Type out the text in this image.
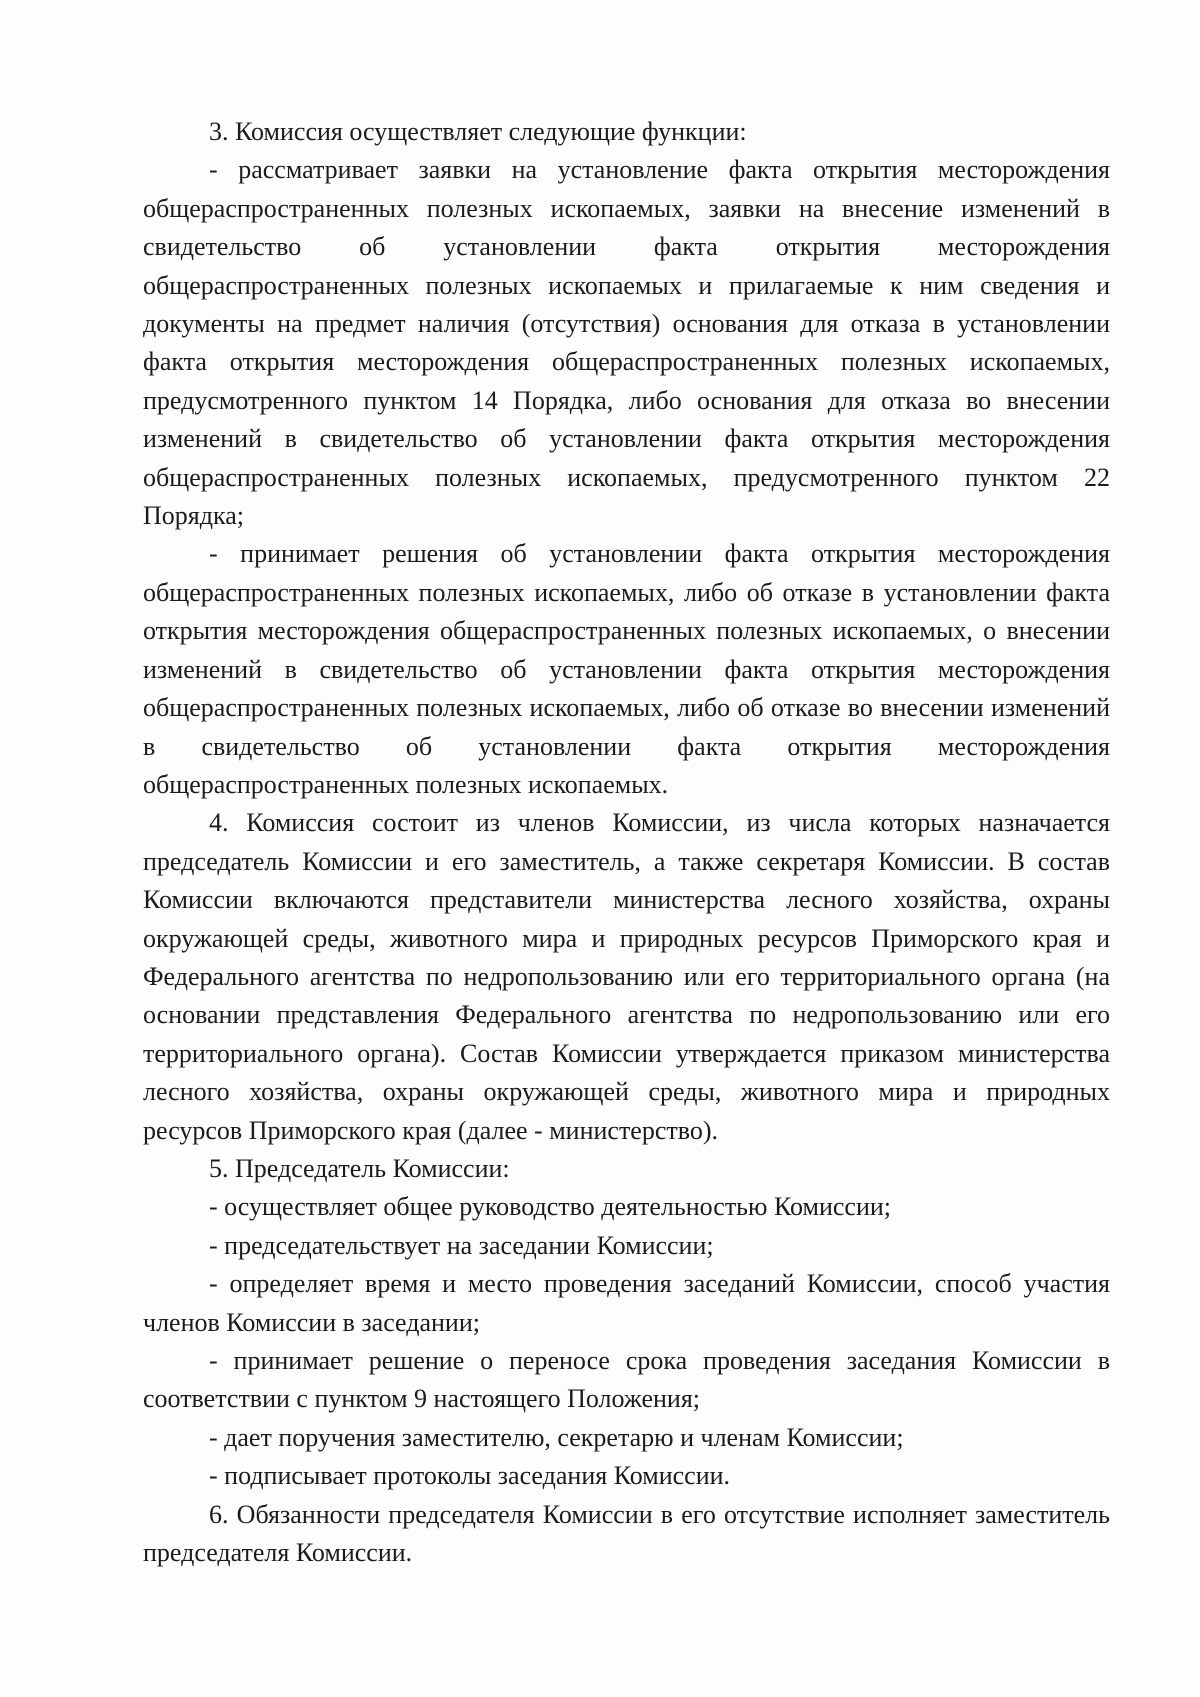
3. Комиссия осуществляет следующие функции:

- рассматривает заявки на установление факта открытия месторождения общераспространенных полезных ископаемых, заявки на внесение изменений в свидетельство об установлении факта открытия месторождения общераспространенных полезных ископаемых и прилагаемые к ним сведения и документы на предмет наличия (отсутствия) основания для отказа в установлении факта открытия месторождения общераспространенных полезных ископаемых, предусмотренного пунктом 14 Порядка, либо основания для отказа во внесении изменений в свидетельство об установлении факта открытия месторождения общераспространенных полезных ископаемых, предусмотренного пунктом 22 Порядка;

- принимает решения об установлении факта открытия месторождения общераспространенных полезных ископаемых, либо об отказе в установлении факта открытия месторождения общераспространенных полезных ископаемых, о внесении изменений в свидетельство об установлении факта открытия месторождения общераспространенных полезных ископаемых, либо об отказе во внесении изменений в свидетельство об установлении факта открытия месторождения общераспространенных полезных ископаемых.

4. Комиссия состоит из членов Комиссии, из числа которых назначается председатель Комиссии и его заместитель, а также секретаря Комиссии. В состав Комиссии включаются представители министерства лесного хозяйства, охраны окружающей среды, животного мира и природных ресурсов Приморского края и Федерального агентства по недропользованию или его территориального органа (на основании представления Федерального агентства по недропользованию или его территориального органа). Состав Комиссии утверждается приказом министерства лесного хозяйства, охраны окружающей среды, животного мира и природных ресурсов Приморского края (далее - министерство).

5. Председатель Комиссии:

- осуществляет общее руководство деятельностью Комиссии;

- председательствует на заседании Комиссии;

- определяет время и место проведения заседаний Комиссии, способ участия членов Комиссии в заседании;

- принимает решение о переносе срока проведения заседания Комиссии в соответствии с пунктом 9 настоящего Положения;

- дает поручения заместителю, секретарю и членам Комиссии;

- подписывает протоколы заседания Комиссии.

6. Обязанности председателя Комиссии в его отсутствие исполняет заместитель председателя Комиссии.
